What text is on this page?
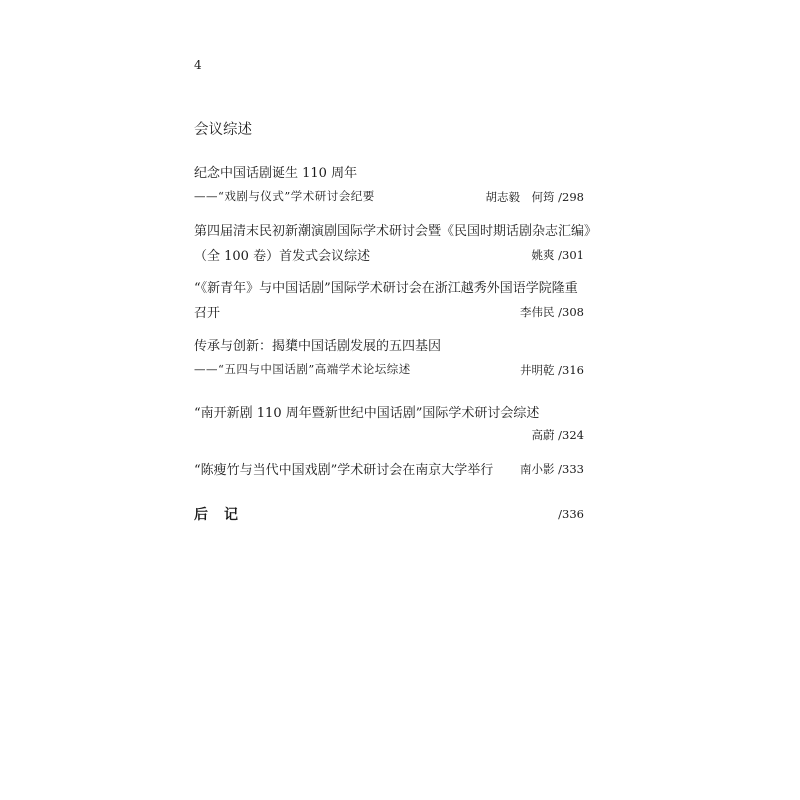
4
会议综述
纪念中国话剧诞生 110 周年
——“戏剧与仪式”学术研讨会纪要	胡志毅　何筠 /298
第四届清末民初新潮演剧国际学术研讨会暨《民国时期话剧杂志汇编》
（全 100 卷）首发式会议综述	姚爽 /301
“《新青年》与中国话剧”国际学术研讨会在浙江越秀外国语学院隆重
召开	李伟民 /308
传承与创新：揭橥中国话剧发展的五四基因
——“五四与中国话剧”高端学术论坛综述	井明乾 /316
“南开新剧 110 周年暨新世纪中国话剧”国际学术研讨会综述
高蔚 /324
“陈瘦竹与当代中国戏剧”学术研讨会在南京大学举行 南小影 /333
后记	/336
